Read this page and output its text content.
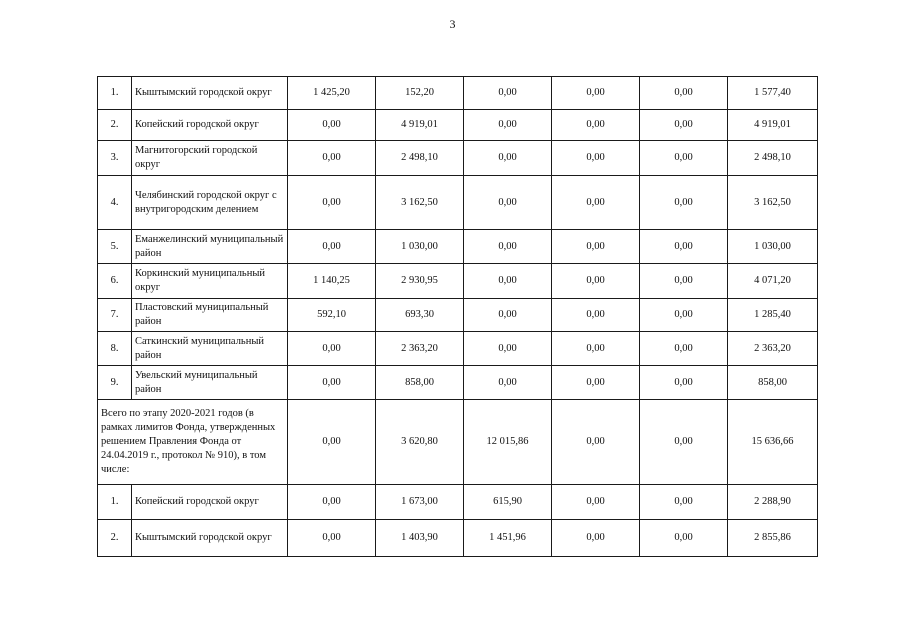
3
1.	Кыштымский городской округ	1 425,20	152,20	0,00	0,00	0,00	1 577,40
2.	Копейский городской округ	0,00	4 919,01	0,00	0,00	0,00	4 919,01
3.	Магнитогорский городской округ	0,00	2 498,10	0,00	0,00	0,00	2 498,10
4.	Челябинский городской округ с внутригородским делением	0,00	3 162,50	0,00	0,00	0,00	3 162,50
5.	Еманжелинский муниципальный район	0,00	1 030,00	0,00	0,00	0,00	1 030,00
6.	Коркинский муниципальный округ	1 140,25	2 930,95	0,00	0,00	0,00	4 071,20
7.	Пластовский муниципальный район	592,10	693,30	0,00	0,00	0,00	1 285,40
8.	Саткинский муниципальный район	0,00	2 363,20	0,00	0,00	0,00	2 363,20
9.	Увельский муниципальный район	0,00	858,00	0,00	0,00	0,00	858,00
Всего по этапу 2020-2021 годов (в рамках лимитов Фонда, утвержденных решением Правления Фонда от 24.04.2019 г., протокол № 910), в том числе:		0,00	3 620,80	12 015,86	0,00	0,00	15 636,66
1.	Копейский городской округ	0,00	1 673,00	615,90	0,00	0,00	2 288,90
2.	Кыштымский городской округ	0,00	1 403,90	1 451,96	0,00	0,00	2 855,86
